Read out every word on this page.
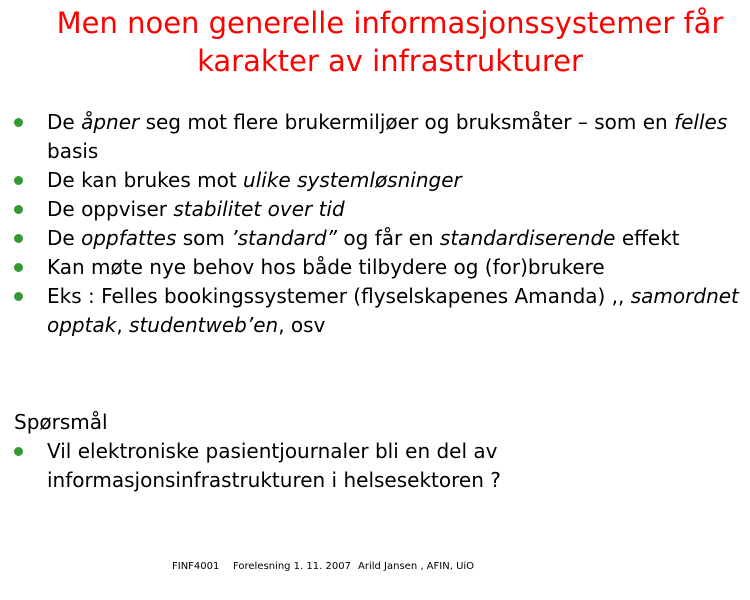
Men noen generelle informasjonssystemer får
karakter av infrastrukturer
De åpner seg mot flere brukermiljøer og bruksmåter – som en felles basis
De kan brukes mot ulike systemløsninger
De oppviser stabilitet over tid
De oppfattes som ’standard” og får en standardiserende effekt
Kan møte nye behov hos både tilbydere og (for)brukere
Eks : Felles bookingssystemer (flyselskapenes Amanda) ,, samordnet opptak, studentweb’en, osv
Spørsmål
Vil elektroniske pasientjournaler bli en del av informasjonsinfrastrukturen i helsesektoren ?
FINF4001 Forelesning 1. 11. 2007 Arild Jansen , AFIN, UiO
